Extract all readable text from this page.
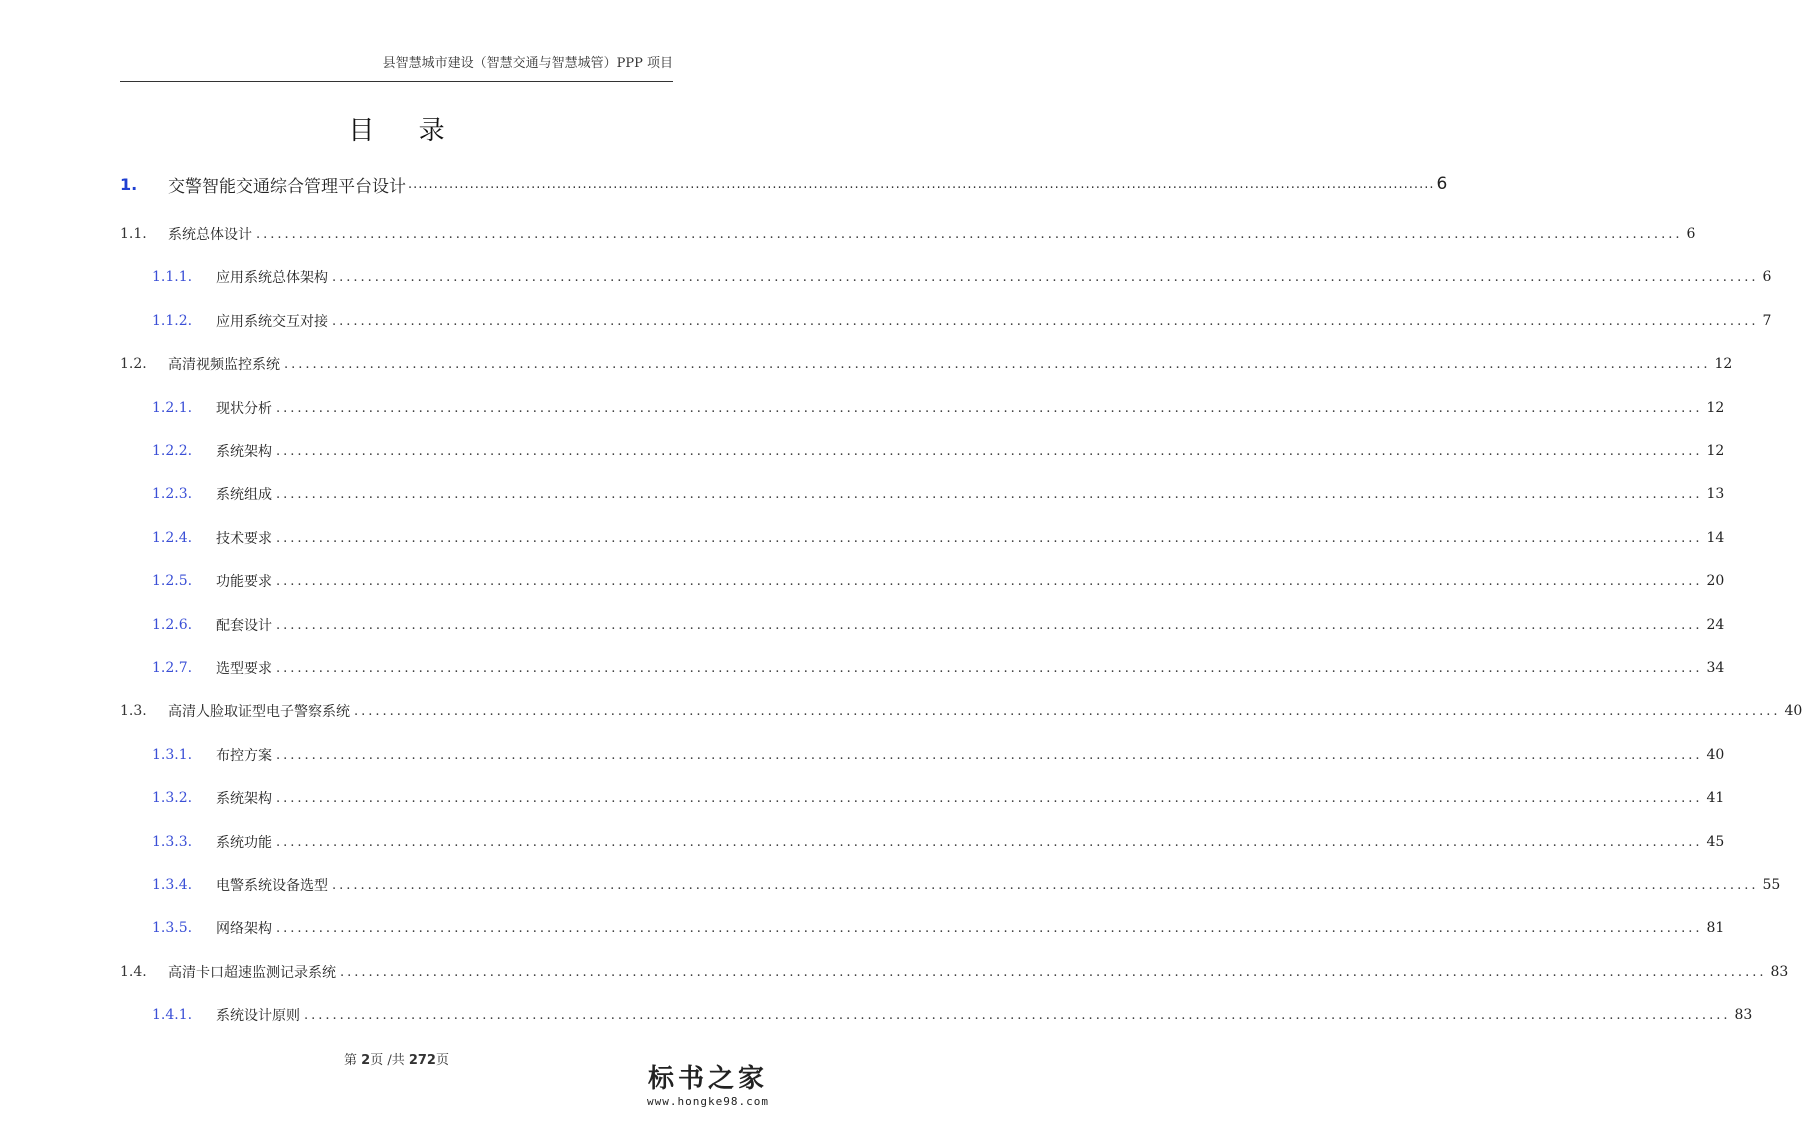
县智慧城市建设（智慧交通与智慧城管）PPP 项目
目 录
1. 交警智能交通综合管理平台设计 ........................................................................................................................................................................................................ 6
1.1. 系统总体设计 ........................................................................................................................................................................................................ 6
1.1.1. 应用系统总体架构 ........................................................................................................................................................................................................ 6
1.1.2. 应用系统交互对接 ........................................................................................................................................................................................................ 7
1.2. 高清视频监控系统 ........................................................................................................................................................................................................ 12
1.2.1. 现状分析 ........................................................................................................................................................................................................ 12
1.2.2. 系统架构 ........................................................................................................................................................................................................ 12
1.2.3. 系统组成 ........................................................................................................................................................................................................ 13
1.2.4. 技术要求 ........................................................................................................................................................................................................ 14
1.2.5. 功能要求 ........................................................................................................................................................................................................ 20
1.2.6. 配套设计 ........................................................................................................................................................................................................ 24
1.2.7. 选型要求 ........................................................................................................................................................................................................ 34
1.3. 高清人脸取证型电子警察系统 ........................................................................................................................................................................................................ 40
1.3.1. 布控方案 ........................................................................................................................................................................................................ 40
1.3.2. 系统架构 ........................................................................................................................................................................................................ 41
1.3.3. 系统功能 ........................................................................................................................................................................................................ 45
1.3.4. 电警系统设备选型 ........................................................................................................................................................................................................ 55
1.3.5. 网络架构 ........................................................................................................................................................................................................ 81
1.4. 高清卡口超速监测记录系统 ........................................................................................................................................................................................................ 83
1.4.1. 系统设计原则 ........................................................................................................................................................................................................ 83
第 2页 /共 272页
标书之家
www.hongke98.com
